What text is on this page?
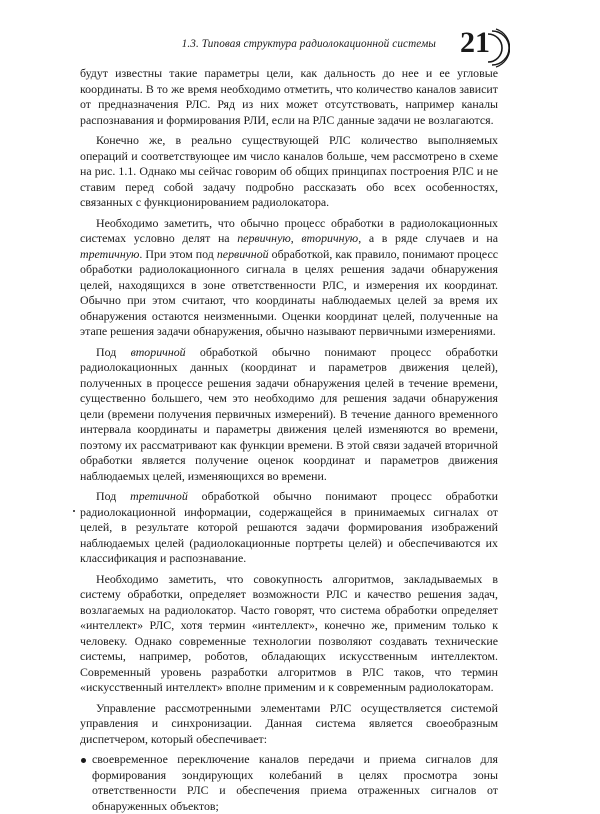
1.3. Типовая структура радиолокационной системы 21

будут известны такие параметры цели, как дальность до нее и ее угловые координаты. В то же время необходимо отметить, что количество каналов зависит от предназначения РЛС. Ряд из них может отсутствовать, например каналы распознавания и формирования РЛИ, если на РЛС данные задачи не возлагаются.

Конечно же, в реально существующей РЛС количество выполняемых операций и соответствующее им число каналов больше, чем рассмотрено в схеме на рис. 1.1. Однако мы сейчас говорим об общих принципах построения РЛС и не ставим перед собой задачу подробно рассказать обо всех особенностях, связанных с функционированием радиолокатора.

Необходимо заметить, что обычно процесс обработки в радиолокационных системах условно делят на первичную, вторичную, а в ряде случаев и на третичную. При этом под первичной обработкой, как правило, понимают процесс обработки радиолокационного сигнала в целях решения задачи обнаружения целей, находящихся в зоне ответственности РЛС, и измерения их координат. Обычно при этом считают, что координаты наблюдаемых целей за время их обнаружения остаются неизменными. Оценки координат целей, полученные на этапе решения задачи обнаружения, обычно называют первичными измерениями.

Под вторичной обработкой обычно понимают процесс обработки радиолокационных данных (координат и параметров движения целей), полученных в процессе решения задачи обнаружения целей в течение времени, существенно большего, чем это необходимо для решения задачи обнаружения цели (времени получения первичных измерений). В течение данного временного интервала координаты и параметры движения целей изменяются во времени, поэтому их рассматривают как функции времени. В этой связи задачей вторичной обработки является получение оценок координат и параметров движения наблюдаемых целей, изменяющихся во времени.

Под третичной обработкой обычно понимают процесс обработки радиолокационной информации, содержащейся в принимаемых сигналах от целей, в результате которой решаются задачи формирования изображений наблюдаемых целей (радиолокационные портреты целей) и обеспечиваются их классификация и распознавание.

Необходимо заметить, что совокупность алгоритмов, закладываемых в систему обработки, определяет возможности РЛС и качество решения задач, возлагаемых на радиолокатор. Часто говорят, что система обработки определяет «интеллект» РЛС, хотя термин «интеллект», конечно же, применим только к человеку. Однако современные технологии позволяют создавать технические системы, например, роботов, обладающих искусственным интеллектом. Современный уровень разработки алгоритмов в РЛС таков, что термин «искусственный интеллект» вполне применим и к современным радиолокаторам.

Управление рассмотренными элементами РЛС осуществляется системой управления и синхронизации. Данная система является своеобразным диспетчером, который обеспечивает:

своевременное переключение каналов передачи и приема сигналов для формирования зондирующих колебаний в целях просмотра зоны ответственности РЛС и обеспечения приема отраженных сигналов от обнаруженных объектов;
